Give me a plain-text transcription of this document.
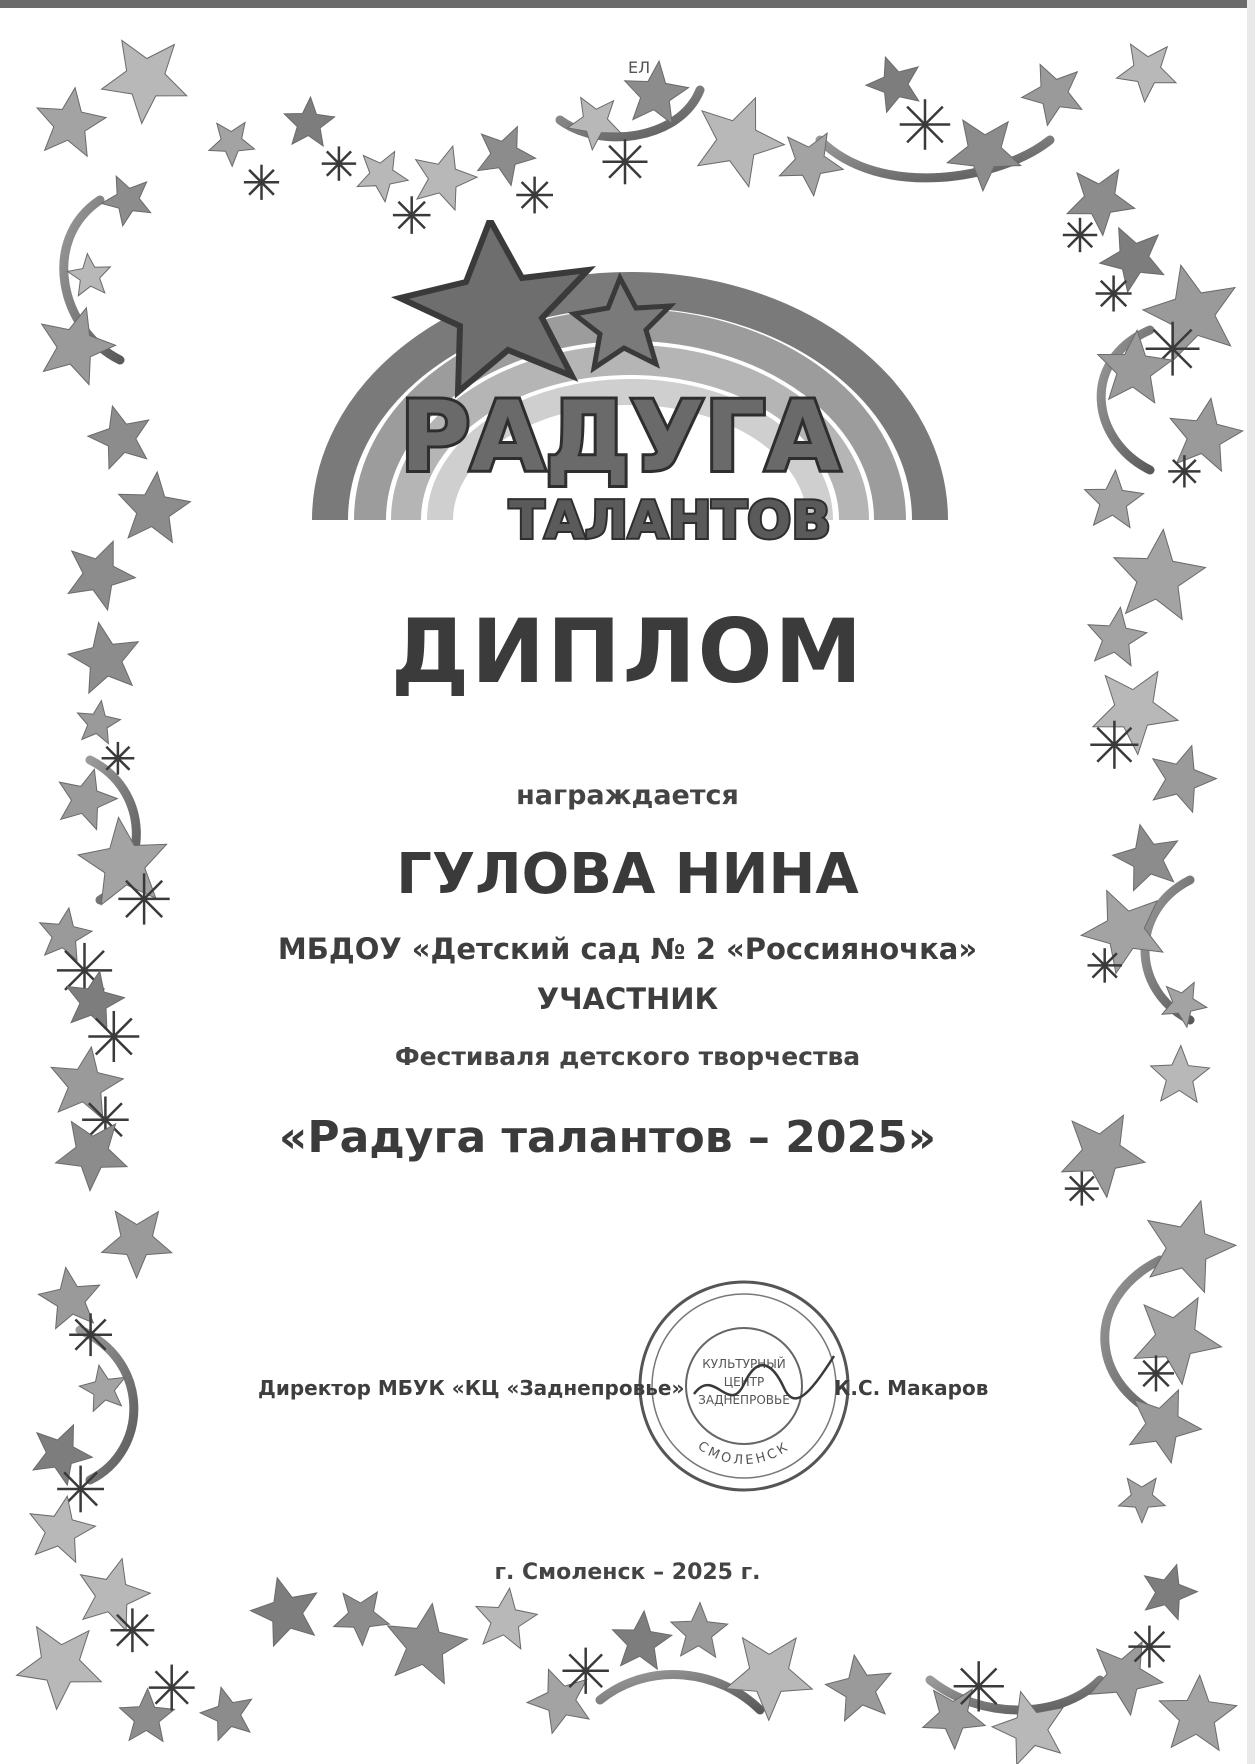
РАДУГА
ТАЛАНТОВ
ЕЛ
ДИПЛОМ
награждается
ГУЛОВА НИНА
МБДОУ «Детский сад № 2 «Россияночка»
УЧАСТНИК
Фестиваля детского творчества
«Радуга талантов – 2025»
СМОЛЕНСК
КУЛЬТУРНЫЙ
ЦЕНТР
ЗАДНЕПРОВЬЕ
Директор МБУК «КЦ «Заднепровье»	К.С. Макаров
г. Смоленск – 2025 г.
